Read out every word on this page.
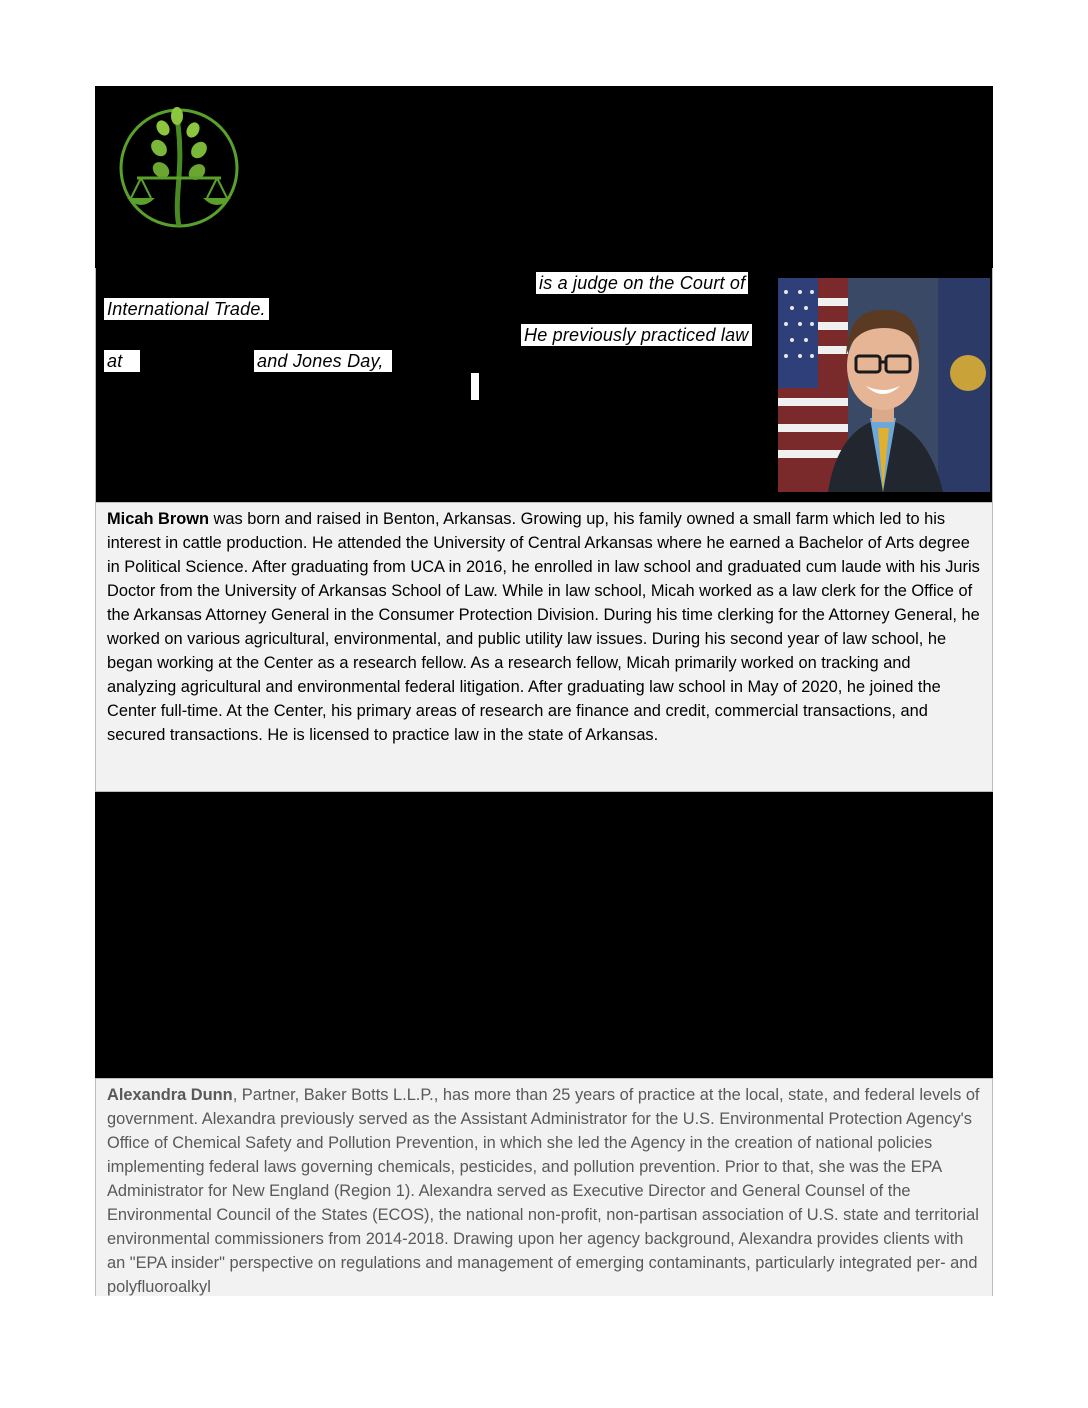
is a judge on the Court of
International Trade.
He previously practiced law
at	and Jones Day,
Micah Brown was born and raised in Benton, Arkansas. Growing up, his family owned a small farm which led to his interest in cattle production. He attended the University of Central Arkansas where he earned a Bachelor of Arts degree in Political Science. After graduating from UCA in 2016, he enrolled in law school and graduated cum laude with his Juris Doctor from the University of Arkansas School of Law. While in law school, Micah worked as a law clerk for the Office of the Arkansas Attorney General in the Consumer Protection Division. During his time clerking for the Attorney General, he worked on various agricultural, environmental, and public utility law issues. During his second year of law school, he began working at the Center as a research fellow. As a research fellow, Micah primarily worked on tracking and analyzing agricultural and environmental federal litigation. After graduating law school in May of 2020, he joined the Center full-time. At the Center, his primary areas of research are finance and credit, commercial transactions, and secured transactions. He is licensed to practice law in the state of Arkansas.
Alexandra Dunn, Partner, Baker Botts L.L.P., has more than 25 years of practice at the local, state, and federal levels of government. Alexandra previously served as the Assistant Administrator for the U.S. Environmental Protection Agency's Office of Chemical Safety and Pollution Prevention, in which she led the Agency in the creation of national policies implementing federal laws governing chemicals, pesticides, and pollution prevention. Prior to that, she was the EPA Administrator for New England (Region 1). Alexandra served as Executive Director and General Counsel of the Environmental Council of the States (ECOS), the national non-profit, non-partisan association of U.S. state and territorial environmental commissioners from 2014-2018. Drawing upon her agency background, Alexandra provides clients with an "EPA insider" perspective on regulations and management of emerging contaminants, particularly integrated per- and polyfluoroalkyl
